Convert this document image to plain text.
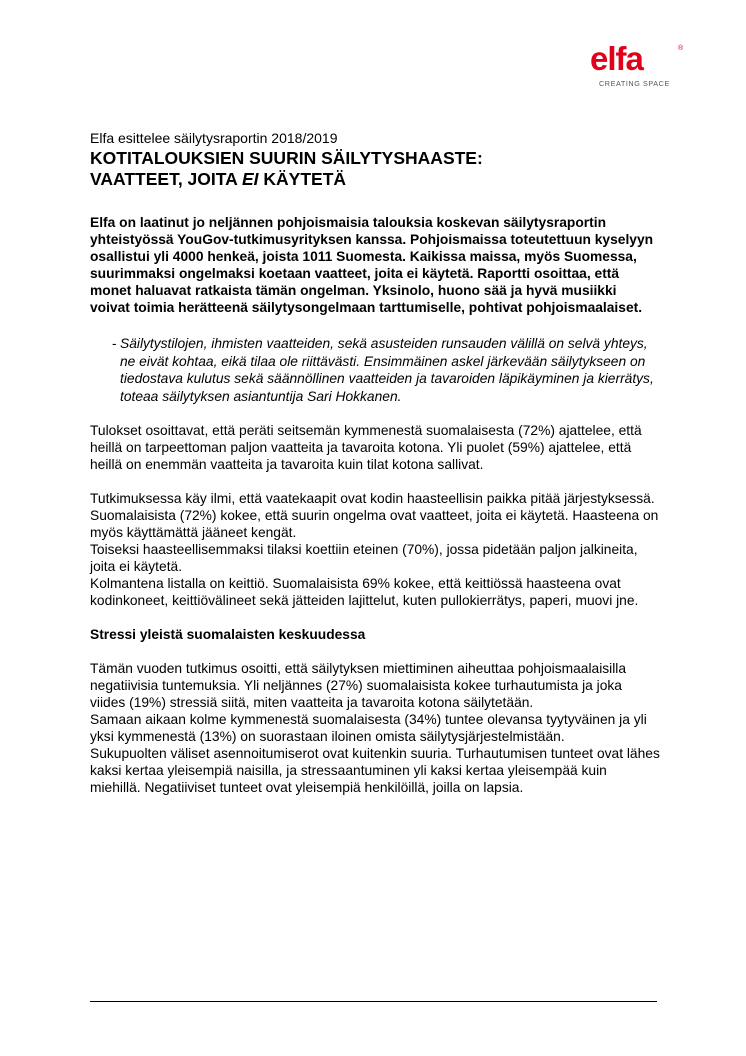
elfa	®
CREATING SPACE

Elfa esittelee säilytysraportin 2018/2019

KOTITALOUKSIEN SUURIN SÄILYTYSHAASTE:
VAATTEET, JOITA EI KÄYTETÄ

Elfa on laatinut jo neljännen pohjoismaisia talouksia koskevan säilytysraportin yhteistyössä YouGov-tutkimusyrityksen kanssa. Pohjoismaissa toteutettuun kyselyyn osallistui yli 4000 henkeä, joista 1011 Suomesta. Kaikissa maissa, myös Suomessa, suurimmaksi ongelmaksi koetaan vaatteet, joita ei käytetä. Raportti osoittaa, että monet haluavat ratkaista tämän ongelman. Yksinolo, huono sää ja hyvä musiikki voivat toimia herätteenä säilytysongelmaan tarttumiselle, pohtivat pohjoismaalaiset.

- Säilytystilojen, ihmisten vaatteiden, sekä asusteiden runsauden välillä on selvä yhteys, ne eivät kohtaa, eikä tilaa ole riittävästi. Ensimmäinen askel järkevään säilytykseen on tiedostava kulutus sekä säännöllinen vaatteiden ja tavaroiden läpikäyminen ja kierrätys, toteaa säilytyksen asiantuntija Sari Hokkanen.

Tulokset osoittavat, että peräti seitsemän kymmenestä suomalaisesta (72%) ajattelee, että heillä on tarpeettoman paljon vaatteita ja tavaroita kotona. Yli puolet (59%) ajattelee, että heillä on enemmän vaatteita ja tavaroita kuin tilat kotona sallivat.

Tutkimuksessa käy ilmi, että vaatekaapit ovat kodin haasteellisin paikka pitää järjestyksessä. Suomalaisista (72%) kokee, että suurin ongelma ovat vaatteet, joita ei käytetä. Haasteena on myös käyttämättä jääneet kengät.

Toiseksi haasteellisemmaksi tilaksi koettiin eteinen (70%), jossa pidetään paljon jalkineita, joita ei käytetä.

Kolmantena listalla on keittiö. Suomalaisista 69% kokee, että keittiössä haasteena ovat kodinkoneet, keittiövälineet sekä jätteiden lajittelut, kuten pullokierrätys, paperi, muovi jne.

Stressi yleistä suomalaisten keskuudessa

Tämän vuoden tutkimus osoitti, että säilytyksen miettiminen aiheuttaa pohjoismaalaisilla negatiivisia tuntemuksia. Yli neljännes (27%) suomalaisista kokee turhautumista ja joka viides (19%) stressiä siitä, miten vaatteita ja tavaroita kotona säilytetään.

Samaan aikaan kolme kymmenestä suomalaisesta (34%) tuntee olevansa tyytyväinen ja yli yksi kymmenestä (13%) on suorastaan iloinen omista säilytysjärjestelmistään.

Sukupuolten väliset asennoitumiserot ovat kuitenkin suuria. Turhautumisen tunteet ovat lähes kaksi kertaa yleisempiä naisilla, ja stressaantuminen yli kaksi kertaa yleisempää kuin miehillä. Negatiiviset tunteet ovat yleisempiä henkilöillä, joilla on lapsia.
